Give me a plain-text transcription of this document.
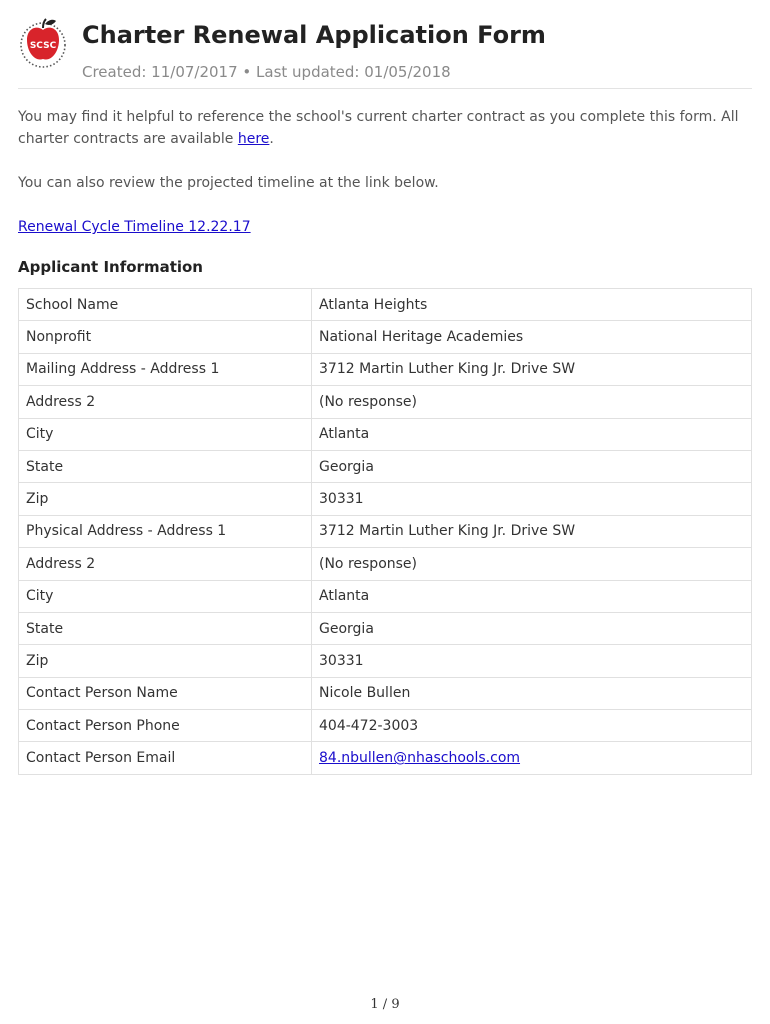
SCSC Charter Renewal Application Form
Created: 11/07/2017 • Last updated: 01/05/2018

You may find it helpful to reference the school's current charter contract as you complete this form. All charter contracts are available here.

You can also review the projected timeline at the link below.

Renewal Cycle Timeline 12.22.17
Applicant Information
School Name	Atlanta Heights
Nonprofit	National Heritage Academies
Mailing Address - Address 1	3712 Martin Luther King Jr. Drive SW
Address 2	(No response)
City	Atlanta
State	Georgia
Zip	30331
Physical Address - Address 1	3712 Martin Luther King Jr. Drive SW
Address 2	(No response)
City	Atlanta
State	Georgia
Zip	30331
Contact Person Name	Nicole Bullen
Contact Person Phone	404-472-3003
Contact Person Email	84.nbullen@nhaschools.com
1 / 9
